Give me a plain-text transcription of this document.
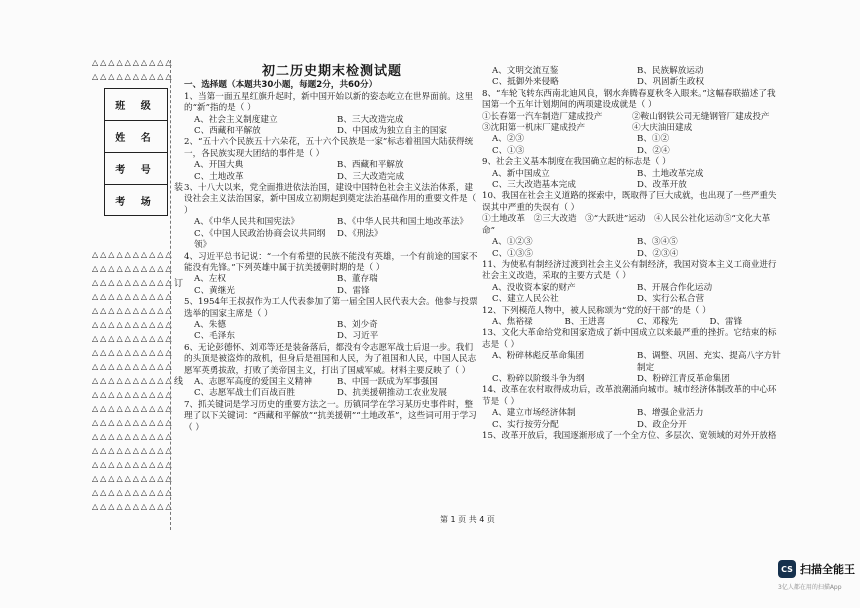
△△△△△△△△△△ △△△△△△△△△△
班 级
姓 名
考 号
考 场
△△△△△△△△△△ △△△△△△△△△△ △△△△△△△△△△ △△△△△△△△△△ △△△△△△△△△△ △△△△△△△△△△ △△△△△△△△△△ △△△△△△△△△△ △△△△△△△△△△ △△△△△△△△△△ △△△△△△△△△△ △△△△△△△△△△ △△△△△△△△△△ △△△△△△△△△△ △△△△△△△△△△ △△△△△△△△△△ △△△△△△△△△△ △△△△△△△△△△ △△△△△△△△△△
装
订
线
初二历史期末检测试题

一、选择题（本题共30小题，每题2分，共60分）

1、当第一面五星红旗升起时，新中国开始以新的姿态屹立在世界面前。这里的“新”指的是（ ）

A、社会主义制度建立	B、三大改造完成
C、西藏和平解放	D、中国成为独立自主的国家

2、“五十六个民族五十六朵花，五十六个民族是一家”标志着祖国大陆获得统一，各民族实现大团结的事件是（ ）

A、开国大典	B、西藏和平解放
C、土地改革	D、三大改造完成

3、十八大以来，党全面推进依法治国，建设中国特色社会主义法治体系，建设社会主义法治国家，新中国成立初期起到奠定法治基础作用的重要文件是（ ）

A、《中华人民共和国宪法》	B、《中华人民共和国土地改革法》
C、《中国人民政治协商会议共同纲领》
D、《刑法》

4、习近平总书记说：“一个有希望的民族不能没有英雄，一个有前途的国家不能没有先锋。”下列英雄中属于抗美援朝时期的是（ ）

A、左权	B、董存瑞
C、黄继光	D、雷锋

5、1954年王叔叔作为工人代表参加了第一届全国人民代表大会。他参与投票选举的国家主席是（ ）

A、朱德	B、刘少奇
C、毛泽东	D、习近平

6、无论彭德怀、刘邓等还是装备落后，都没有令志愿军战士后退一步。我们的头顶是被盗炸的敌机，但身后是祖国和人民，为了祖国和人民，中国人民志愿军英勇拔敌，打败了美帝国主义，打出了国威军威。材料主要反映了（ ）

A、志愿军高度的爱国主义精神	B、中国一跃成为军事强国
C、志愿军战士们百战百胜	D、抗美援朝推动工农业发展

7、抓关键词是学习历史的重要方法之一。历镇同学在学习某历史事件时，整理了以下关键词：“西藏和平解放”“抗美援朝”“土地改革”，这些词可用于学习（ ）

A、文明交流互鉴	B、民族解放运动
C、抵御外来侵略	D、巩固新生政权

8、“车轮飞转东西南北迪风良，钢水奔腾春夏秋冬入眼来。”这幅春联描述了我国第一个五年计划期间的两项建设成就是（ ）

①长春第一汽车制造厂建成投产	②鞍山钢铁公司无缝钢管厂建成投产
③沈阳第一机床厂建成投产	④大庆油田建成
A、②③	B、①②
C、①③	D、②④

9、社会主义基本制度在我国确立起的标志是（ ）

A、新中国成立	B、土地改革完成
C、三大改造基本完成	D、改革开放

10、我国在社会主义道路的探索中，既取得了巨大成就，也出现了一些严重失误其中严重的失误有（ ）

①土地改革　②三大改造　③“大跃进”运动　④人民公社化运动⑤“文化大革命”

A、①②③	B、③④⑤
C、①③⑤	D、②③④

11、为使私有制经济过渡到社会主义公有制经济，我国对资本主义工商业进行社会主义改造，采取的主要方式是（ ）

A、没收资本家的财产	B、开展合作化运动
C、建立人民公社	D、实行公私合营

12、下列模范人物中，被人民称颂为“党的好干部”的是（ ）

A、焦裕禄	B、王进喜	C、邓稼先	D、雷锋

13、文化大革命给党和国家造成了新中国成立以来最严重的挫折。它结束的标志是（ ）

A、粉碎林彪反革命集团	B、调整、巩固、充实、提高八字方针制定
C、粉碎以阶级斗争为纲	D、粉碎江青反革命集团

14、改革在农村取得成功后，改革浪潮涌向城市。城市经济体制改革的中心环节是（ ）

A、建立市场经济体制	B、增强企业活力
C、实行按劳分配	D、政企分开

15、改革开放后，我国逐渐形成了一个全方位、多层次、宽领域的对外开放格

第 1 页 共 4 页
CS 扫描全能王
3亿人都在用的扫描App
